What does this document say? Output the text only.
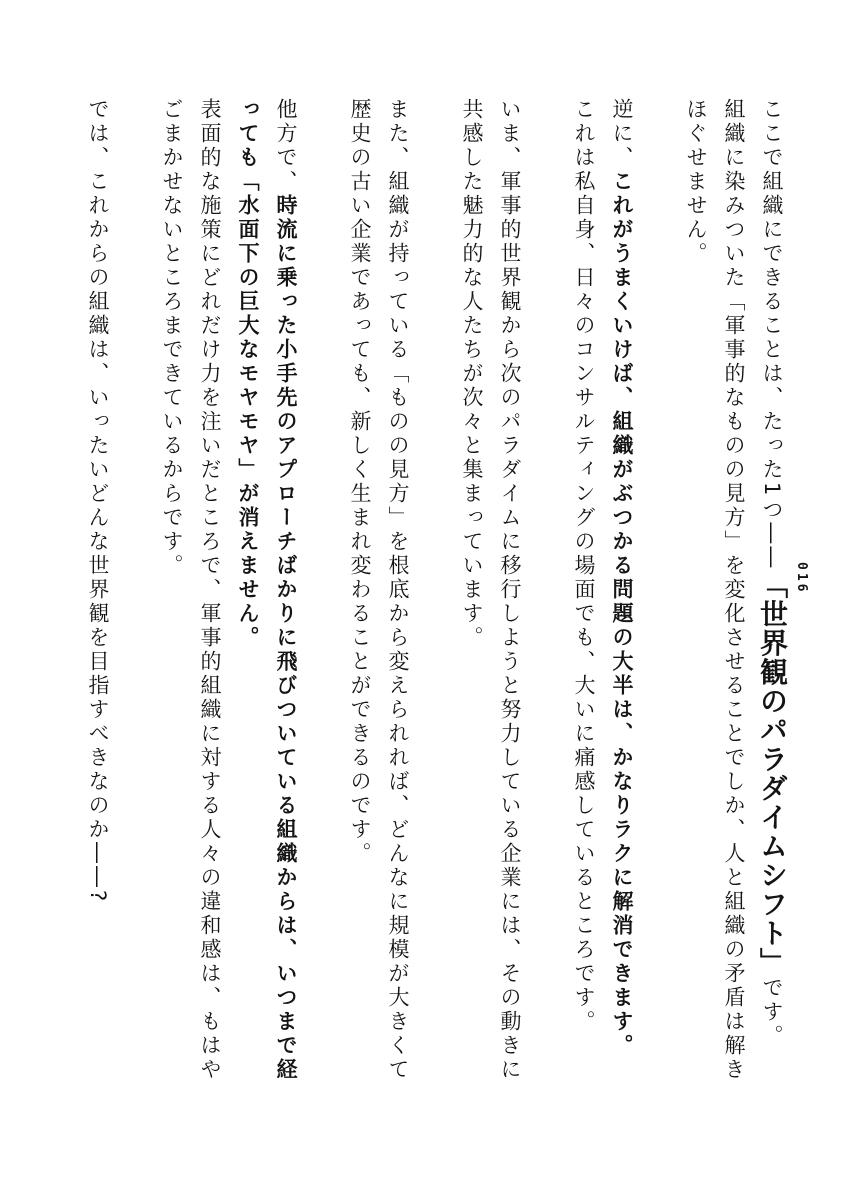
016
ここで組織にできることは、たった1つ――「世界観のパラダイムシフト」です。
組織に染みついた「軍事的なものの見方」を変化させることでしか、人と組織の矛盾は解き
ほぐせません。
逆に、これがうまくいけば、組織がぶつかる問題の大半は、かなりラクに解消できます。
これは私自身、日々のコンサルティングの場面でも、大いに痛感しているところです。
いま、軍事的世界観から次のパラダイムに移行しようと努力している企業には、その動きに
共感した魅力的な人たちが次々と集まっています。
また、組織が持っている「ものの見方」を根底から変えられれば、どんなに規模が大きくて
歴史の古い企業であっても、新しく生まれ変わることができるのです。
他方で、時流に乗った小手先のアプローチばかりに飛びついている組織からは、いつまで経
っても「水面下の巨大なモヤモヤ」が消えません。
表面的な施策にどれだけ力を注いだところで、軍事的組織に対する人々の違和感は、もはや
ごまかせないところまできているからです。
では、これからの組織は、いったいどんな世界観を目指すべきなのか――?
